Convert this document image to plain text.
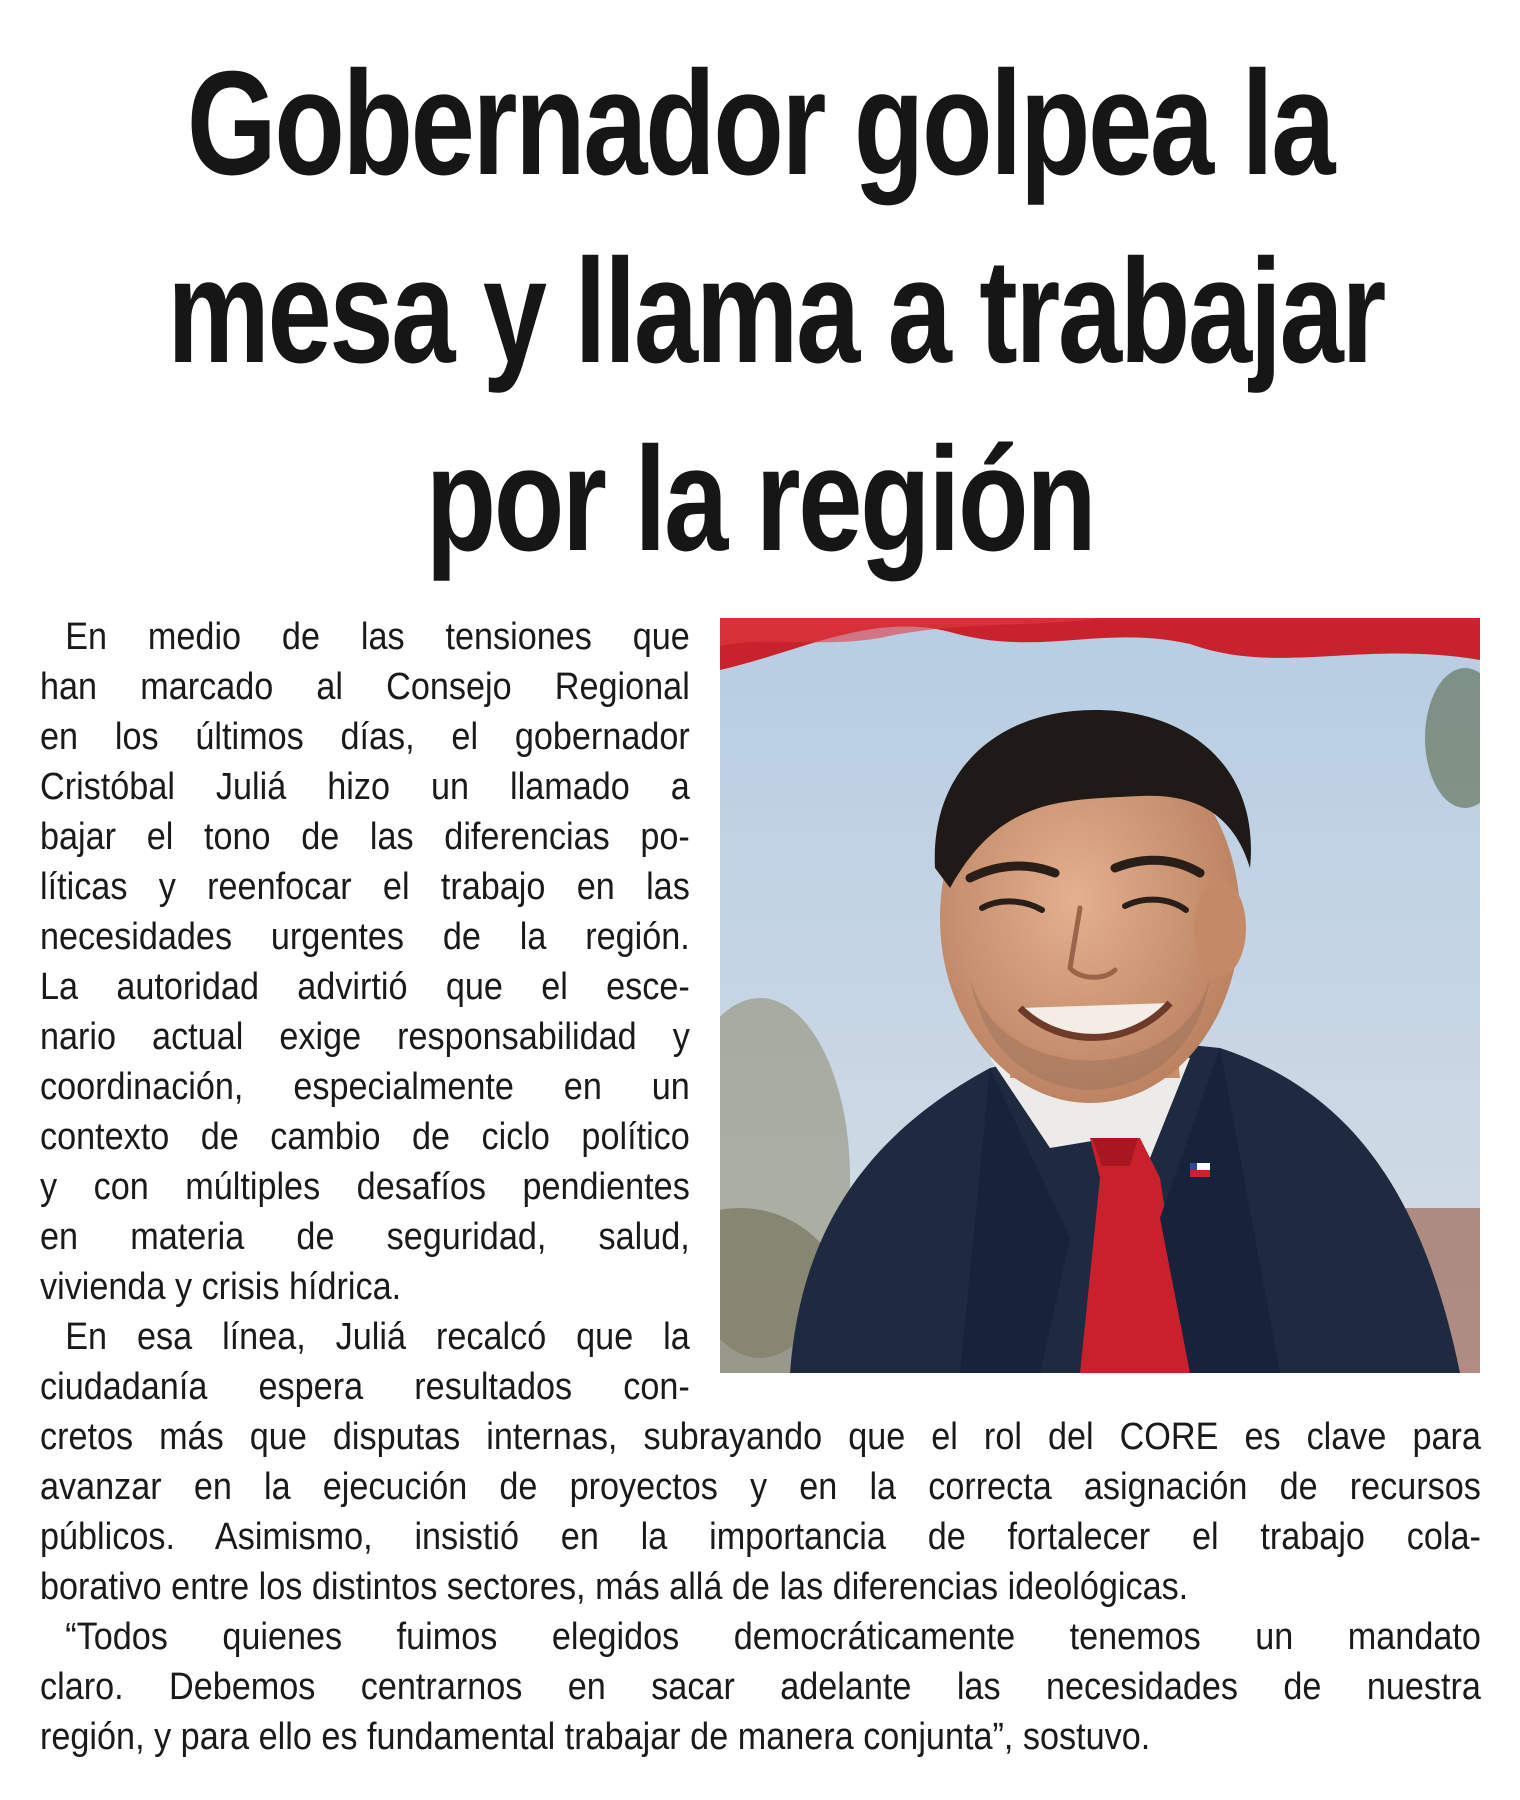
Gobernador golpea la
mesa y llama a trabajar
por la región

En medio de las tensiones que
han marcado al Consejo Regional
en los últimos días, el gobernador
Cristóbal Juliá hizo un llamado a
bajar el tono de las diferencias po-
líticas y reenfocar el trabajo en las
necesidades urgentes de la región.
La autoridad advirtió que el esce-
nario actual exige responsabilidad y
coordinación, especialmente en un
contexto de cambio de ciclo político
y con múltiples desafíos pendientes
en materia de seguridad, salud,
vivienda y crisis hídrica.

En esa línea, Juliá recalcó que la
ciudadanía espera resultados con-

cretos más que disputas internas, subrayando que el rol del CORE es clave para
avanzar en la ejecución de proyectos y en la correcta asignación de recursos
públicos. Asimismo, insistió en la importancia de fortalecer el trabajo cola-
borativo entre los distintos sectores, más allá de las diferencias ideológicas.

“Todos quienes fuimos elegidos democráticamente tenemos un mandato
claro. Debemos centrarnos en sacar adelante las necesidades de nuestra
región, y para ello es fundamental trabajar de manera conjunta”, sostuvo.
